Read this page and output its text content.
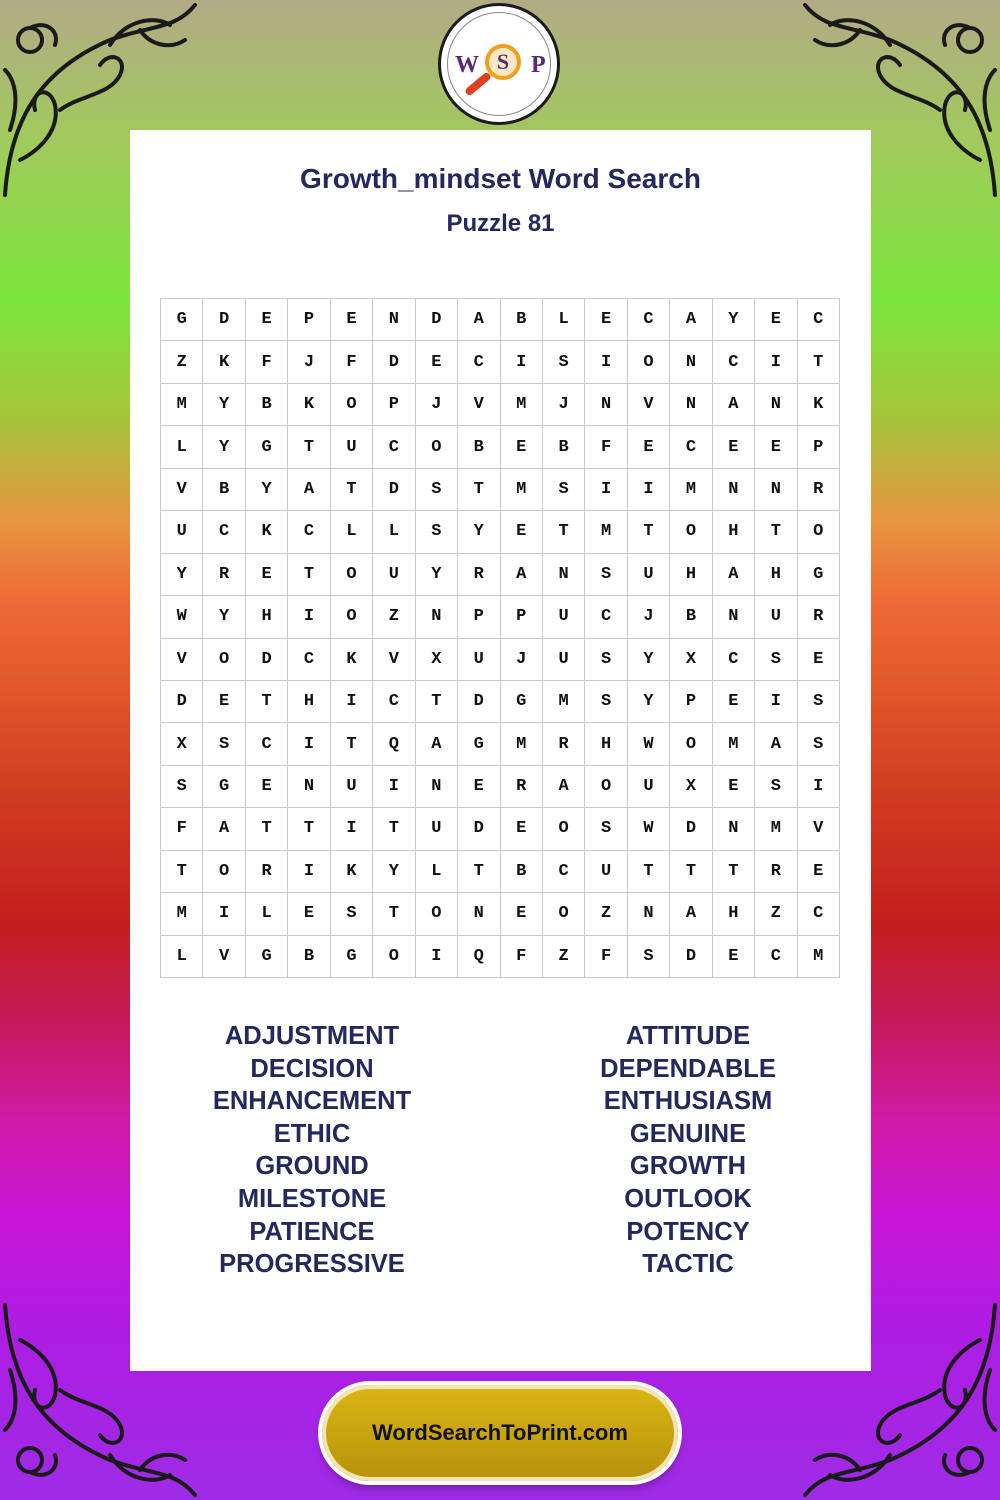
W S P
Growth_mindset Word Search
Puzzle 81
G	D	E	P	E	N	D	A	B	L	E	C	A	Y	E	C
Z	K	F	J	F	D	E	C	I	S	I	O	N	C	I	T
M	Y	B	K	O	P	J	V	M	J	N	V	N	A	N	K
L	Y	G	T	U	C	O	B	E	B	F	E	C	E	E	P
V	B	Y	A	T	D	S	T	M	S	I	I	M	N	N	R
U	C	K	C	L	L	S	Y	E	T	M	T	O	H	T	O
Y	R	E	T	O	U	Y	R	A	N	S	U	H	A	H	G
W	Y	H	I	O	Z	N	P	P	U	C	J	B	N	U	R
V	O	D	C	K	V	X	U	J	U	S	Y	X	C	S	E
D	E	T	H	I	C	T	D	G	M	S	Y	P	E	I	S
X	S	C	I	T	Q	A	G	M	R	H	W	O	M	A	S
S	G	E	N	U	I	N	E	R	A	O	U	X	E	S	I
F	A	T	T	I	T	U	D	E	O	S	W	D	N	M	V
T	O	R	I	K	Y	L	T	B	C	U	T	T	T	R	E
M	I	L	E	S	T	O	N	E	O	Z	N	A	H	Z	C
L	V	G	B	G	O	I	Q	F	Z	F	S	D	E	C	M
ADJUSTMENT
DECISION
ENHANCEMENT
ETHIC
GROUND
MILESTONE
PATIENCE
PROGRESSIVE
ATTITUDE
DEPENDABLE
ENTHUSIASM
GENUINE
GROWTH
OUTLOOK
POTENCY
TACTIC
WordSearchToPrint.com
